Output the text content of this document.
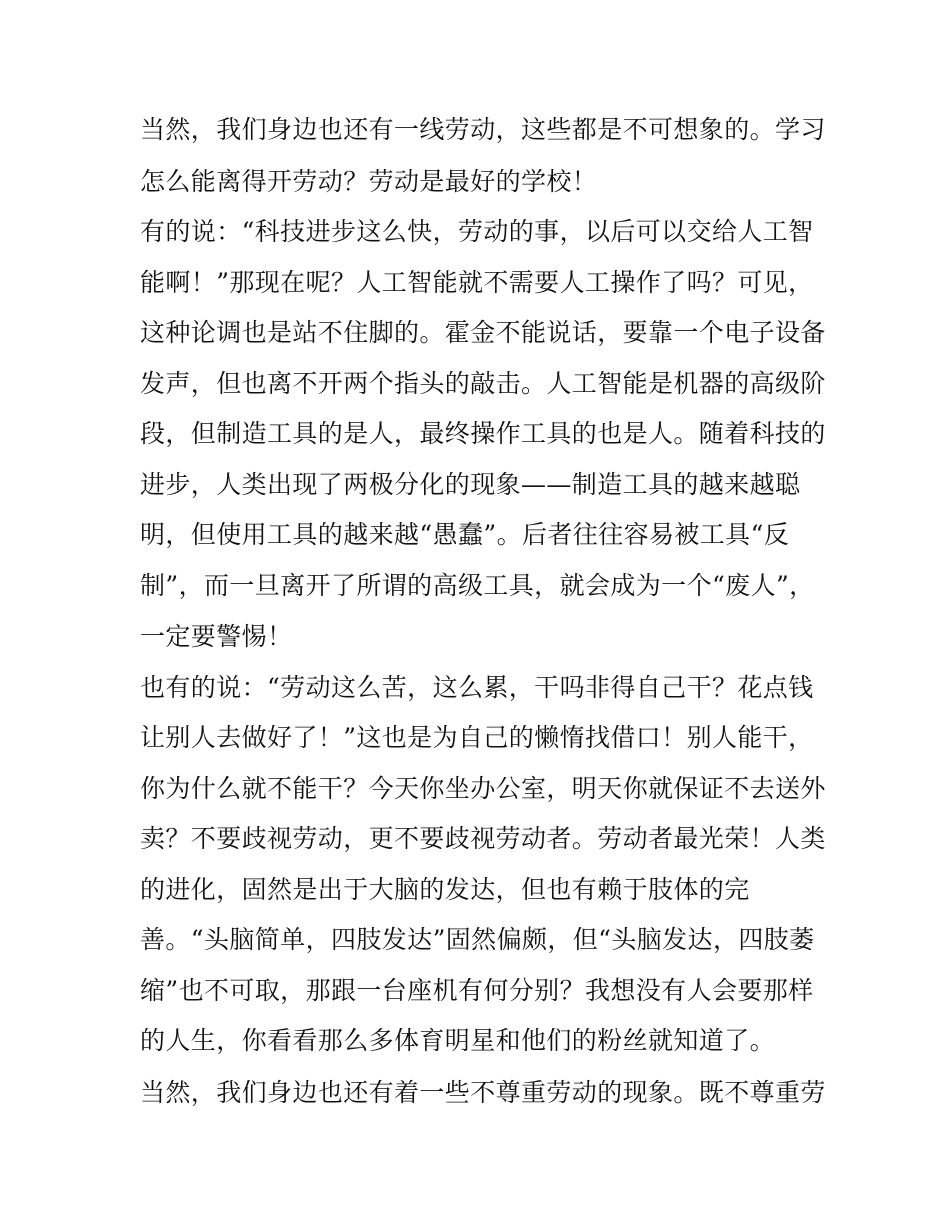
当然，我们身边也还有一线劳动，这些都是不可想象的。学习
怎么能离得开劳动？劳动是最好的学校！
有的说：“科技进步这么快，劳动的事，以后可以交给人工智
能啊！”那现在呢？人工智能就不需要人工操作了吗？可见，
这种论调也是站不住脚的。霍金不能说话，要靠一个电子设备
发声，但也离不开两个指头的敲击。人工智能是机器的高级阶
段，但制造工具的是人，最终操作工具的也是人。随着科技的
进步，人类出现了两极分化的现象——制造工具的越来越聪
明，但使用工具的越来越“愚蠢”。后者往往容易被工具“反
制”，而一旦离开了所谓的高级工具，就会成为一个“废人”，
一定要警惕！
也有的说：“劳动这么苦，这么累，干吗非得自己干？花点钱
让别人去做好了！”这也是为自己的懒惰找借口！别人能干，
你为什么就不能干？今天你坐办公室，明天你就保证不去送外
卖？不要歧视劳动，更不要歧视劳动者。劳动者最光荣！人类
的进化，固然是出于大脑的发达，但也有赖于肢体的完
善。“头脑简单，四肢发达”固然偏颇，但“头脑发达，四肢萎
缩”也不可取，那跟一台座机有何分别？我想没有人会要那样
的人生，你看看那么多体育明星和他们的粉丝就知道了。
当然，我们身边也还有着一些不尊重劳动的现象。既不尊重劳
